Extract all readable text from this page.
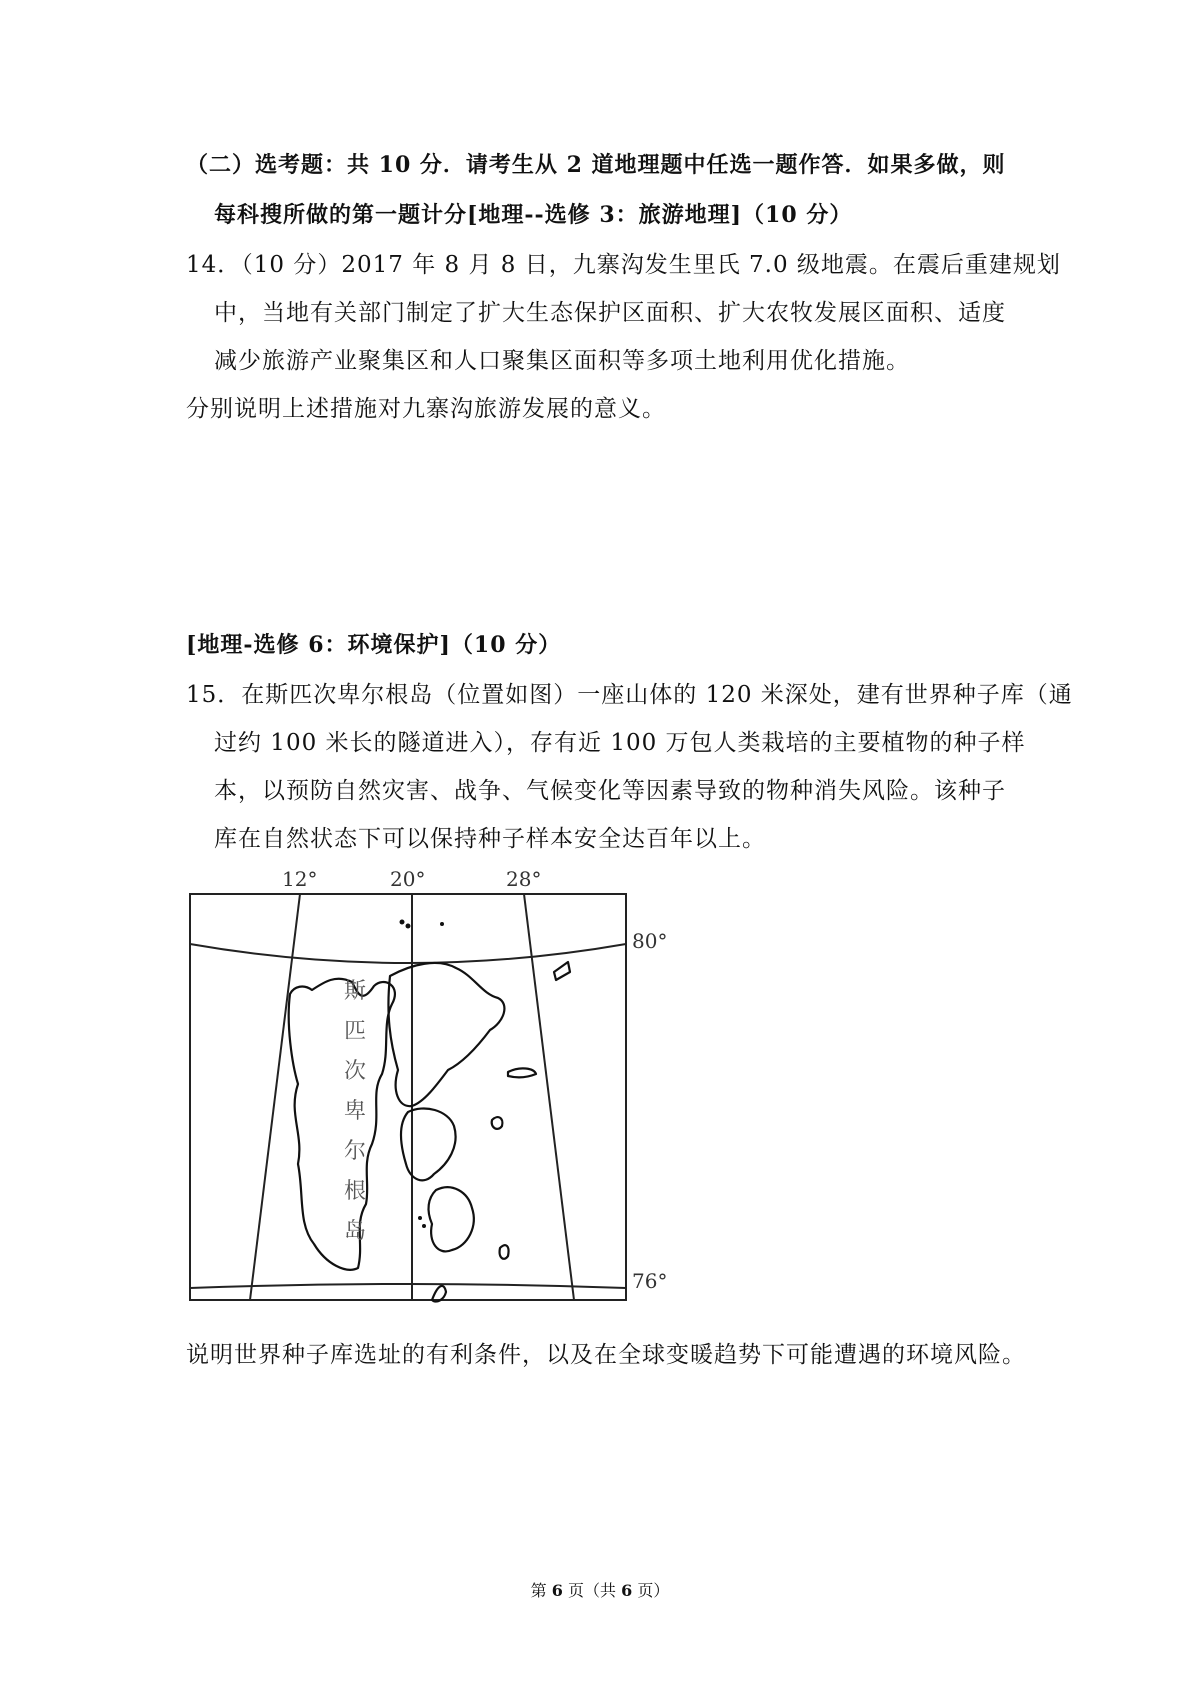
（二）选考题：共 10 分．请考生从 2 道地理题中任选一题作答．如果多做，则
每科搜所做的第一题计分[地理--选修 3：旅游地理]（10 分）
14．（10 分）2017 年 8 月 8 日，九寨沟发生里氏 7.0 级地震。在震后重建规划
中，当地有关部门制定了扩大生态保护区面积、扩大农牧发展区面积、适度
减少旅游产业聚集区和人口聚集区面积等多项土地利用优化措施。
分别说明上述措施对九寨沟旅游发展的意义。
[地理-选修 6：环境保护]（10 分）
15．在斯匹次卑尔根岛（位置如图）一座山体的 120 米深处，建有世界种子库（通
过约 100 米长的隧道进入），存有近 100 万包人类栽培的主要植物的种子样
本，以预防自然灾害、战争、气候变化等因素导致的物种消失风险。该种子
库在自然状态下可以保持种子样本安全达百年以上。
12°	20°	28°
80°
76°
斯
匹
次
卑
尔
根
岛
说明世界种子库选址的有利条件，以及在全球变暖趋势下可能遭遇的环境风险。
第 6 页（共 6 页）
